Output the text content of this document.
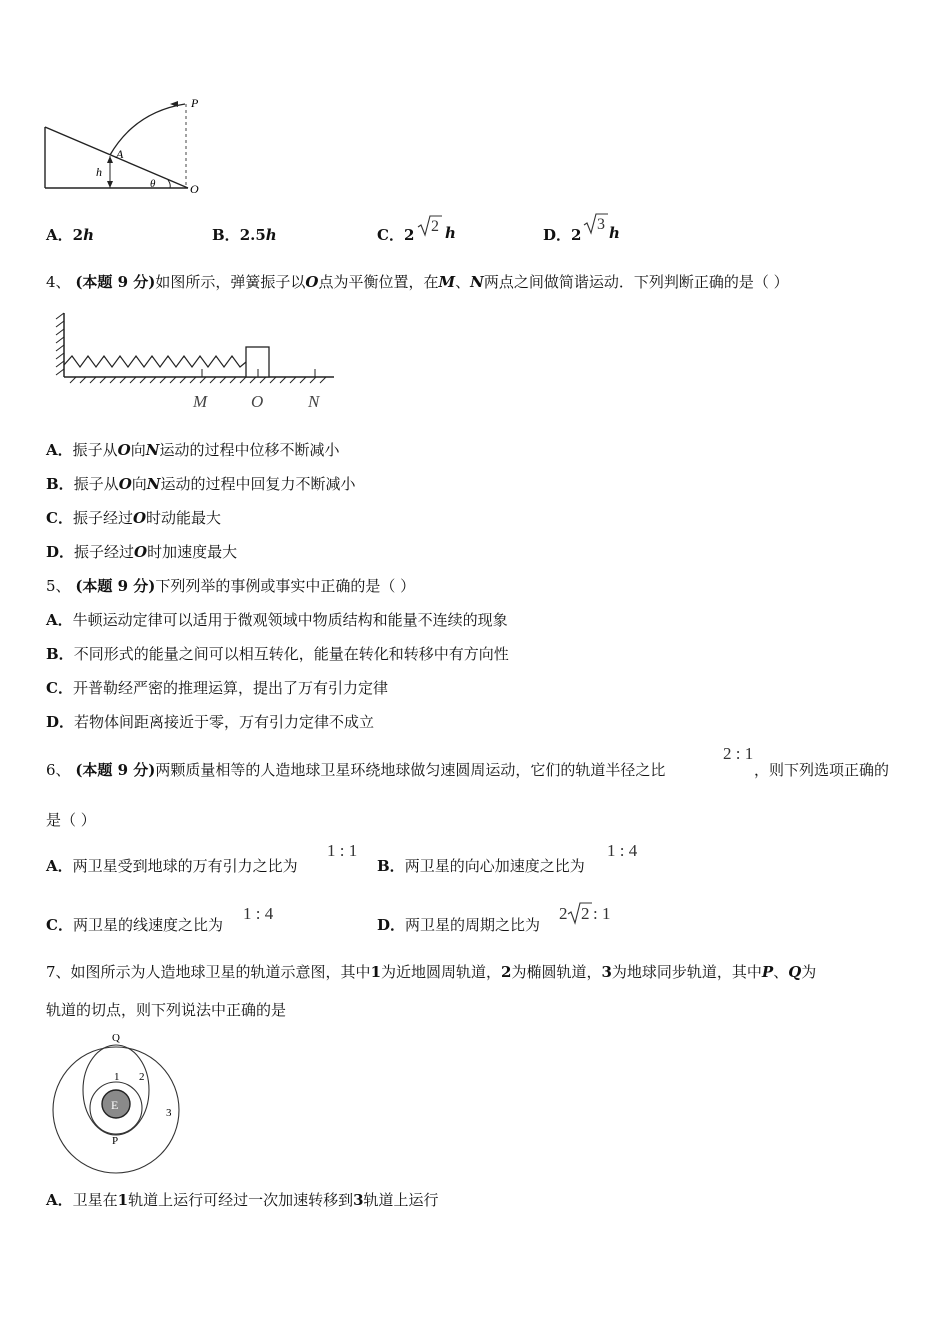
P
A
h
θ	O
A．2h	B．2.5h	C．2 2 h	D．2
3 h
4、 (本题 9 分)如图所示，弹簧振子以O点为平衡位置，在M、N两点之间做简谐运动．下列判断正确的是（ ）
M	O	N
A．振子从O向N运动的过程中位移不断减小
B．振子从O向N运动的过程中回复力不断减小
C．振子经过O时动能最大
D．振子经过O时加速度最大
5、 (本题 9 分)下列列举的事例或事实中正确的是（ ）
A．牛顿运动定律可以适用于微观领域中物质结构和能量不连续的现象
B．不同形式的能量之间可以相互转化，能量在转化和转移中有方向性
C．开普勒经严密的推理运算，提出了万有引力定律
D．若物体间距离接近于零，万有引力定律不成立
6、 (本题 9 分)两颗质量相等的人造地球卫星环绕地球做匀速圆周运动，它们的轨道半径之比
2 : 1
，则下列选项正确的
是（ ）
A．两卫星受到地球的万有引力之比为
1 : 1
B．两卫星的向心加速度之比为
1 : 4
C．两卫星的线速度之比为
1 : 4
D．两卫星的周期之比为
2 2 : 1
7、如图所示为人造地球卫星的轨道示意图，其中1为近地圆周轨道，2为椭圆轨道，3为地球同步轨道，其中P、Q为
轨道的切点，则下列说法中正确的是
E
Q
P
1 2
3
A．卫星在1轨道上运行可经过一次加速转移到3轨道上运行
